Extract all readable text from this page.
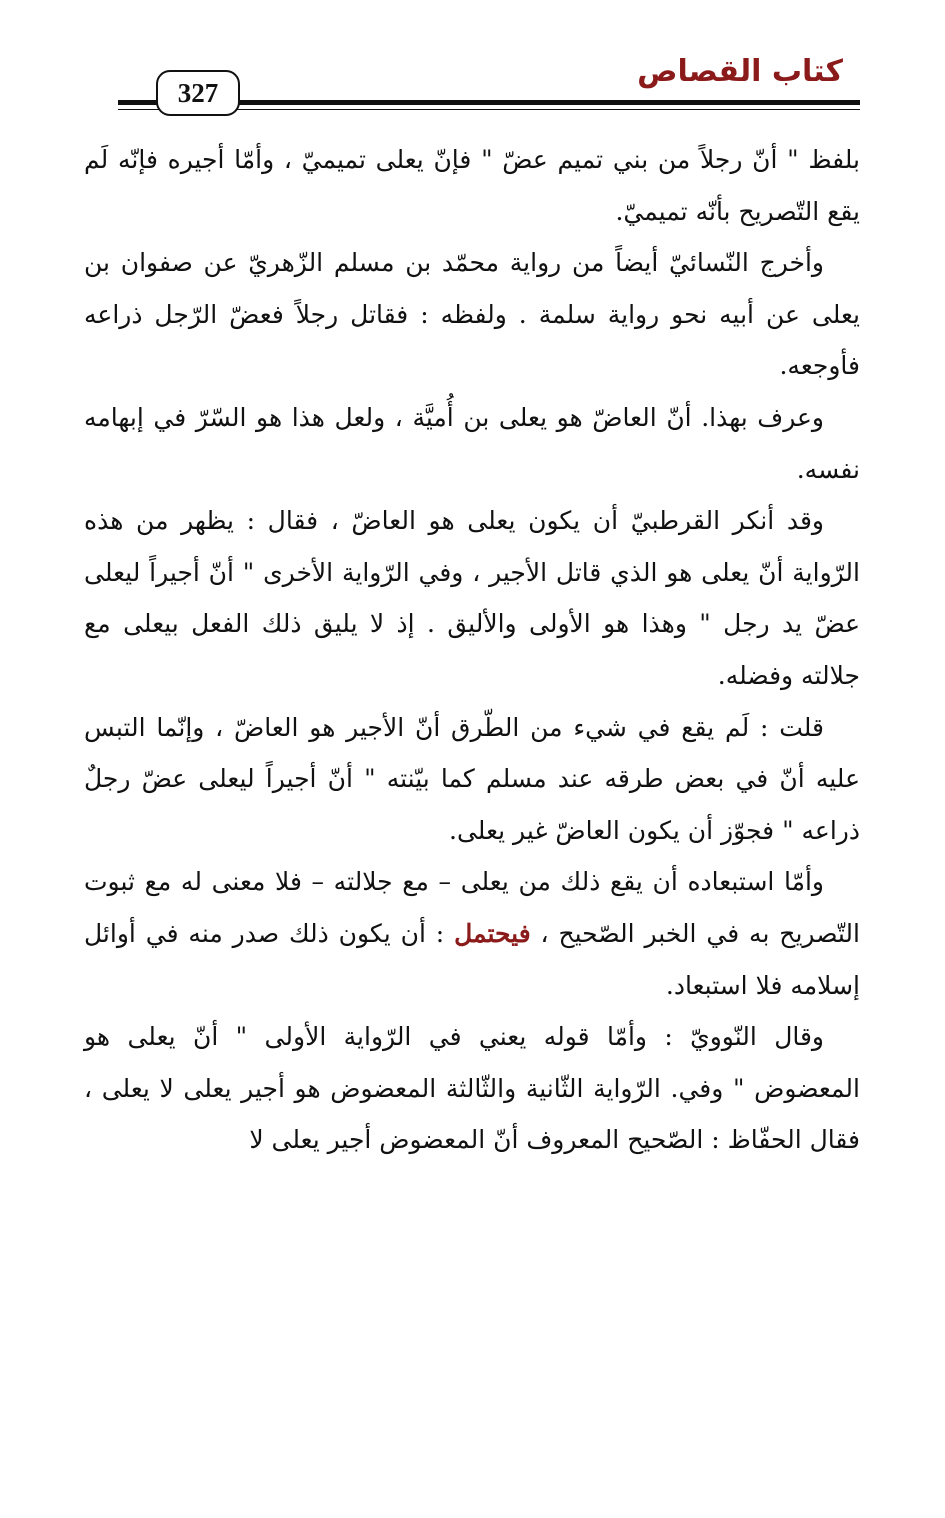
كتاب القصاص
327

بلفظ " أنّ رجلاً من بني تميم عضّ " فإنّ يعلى تميميّ ، وأمّا أجيره فإنّه لَم يقع التّصريح بأنّه تميميّ.

وأخرج النّسائيّ أيضاً من رواية محمّد بن مسلم الزّهريّ عن صفوان بن يعلى عن أبيه نحو رواية سلمة . ولفظه : فقاتل رجلاً فعضّ الرّجل ذراعه فأوجعه.

وعرف بهذا. أنّ العاضّ هو يعلى بن أُميَّة ، ولعل هذا هو السّرّ في إبهامه نفسه.

وقد أنكر القرطبيّ أن يكون يعلى هو العاضّ ، فقال : يظهر من هذه الرّواية أنّ يعلى هو الذي قاتل الأجير ، وفي الرّواية الأخرى " أنّ أجيراً ليعلى عضّ يد رجل " وهذا هو الأولى والأليق . إذ لا يليق ذلك الفعل بيعلى مع جلالته وفضله.

قلت : لَم يقع في شيء من الطّرق أنّ الأجير هو العاضّ ، وإنّما التبس عليه أنّ في بعض طرقه عند مسلم كما بيّنته " أنّ أجيراً ليعلى عضّ رجلٌ ذراعه " فجوّز أن يكون العاضّ غير يعلى.

وأمّا استبعاده أن يقع ذلك من يعلى – مع جلالته – فلا معنى له مع ثبوت التّصريح به في الخبر الصّحيح ، فيحتمل : أن يكون ذلك صدر منه في أوائل إسلامه فلا استبعاد.

وقال النّوويّ : وأمّا قوله يعني في الرّواية الأولى " أنّ يعلى هو المعضوض " وفي. الرّواية الثّانية والثّالثة المعضوض هو أجير يعلى لا يعلى ، فقال الحفّاظ : الصّحيح المعروف أنّ المعضوض أجير يعلى لا
